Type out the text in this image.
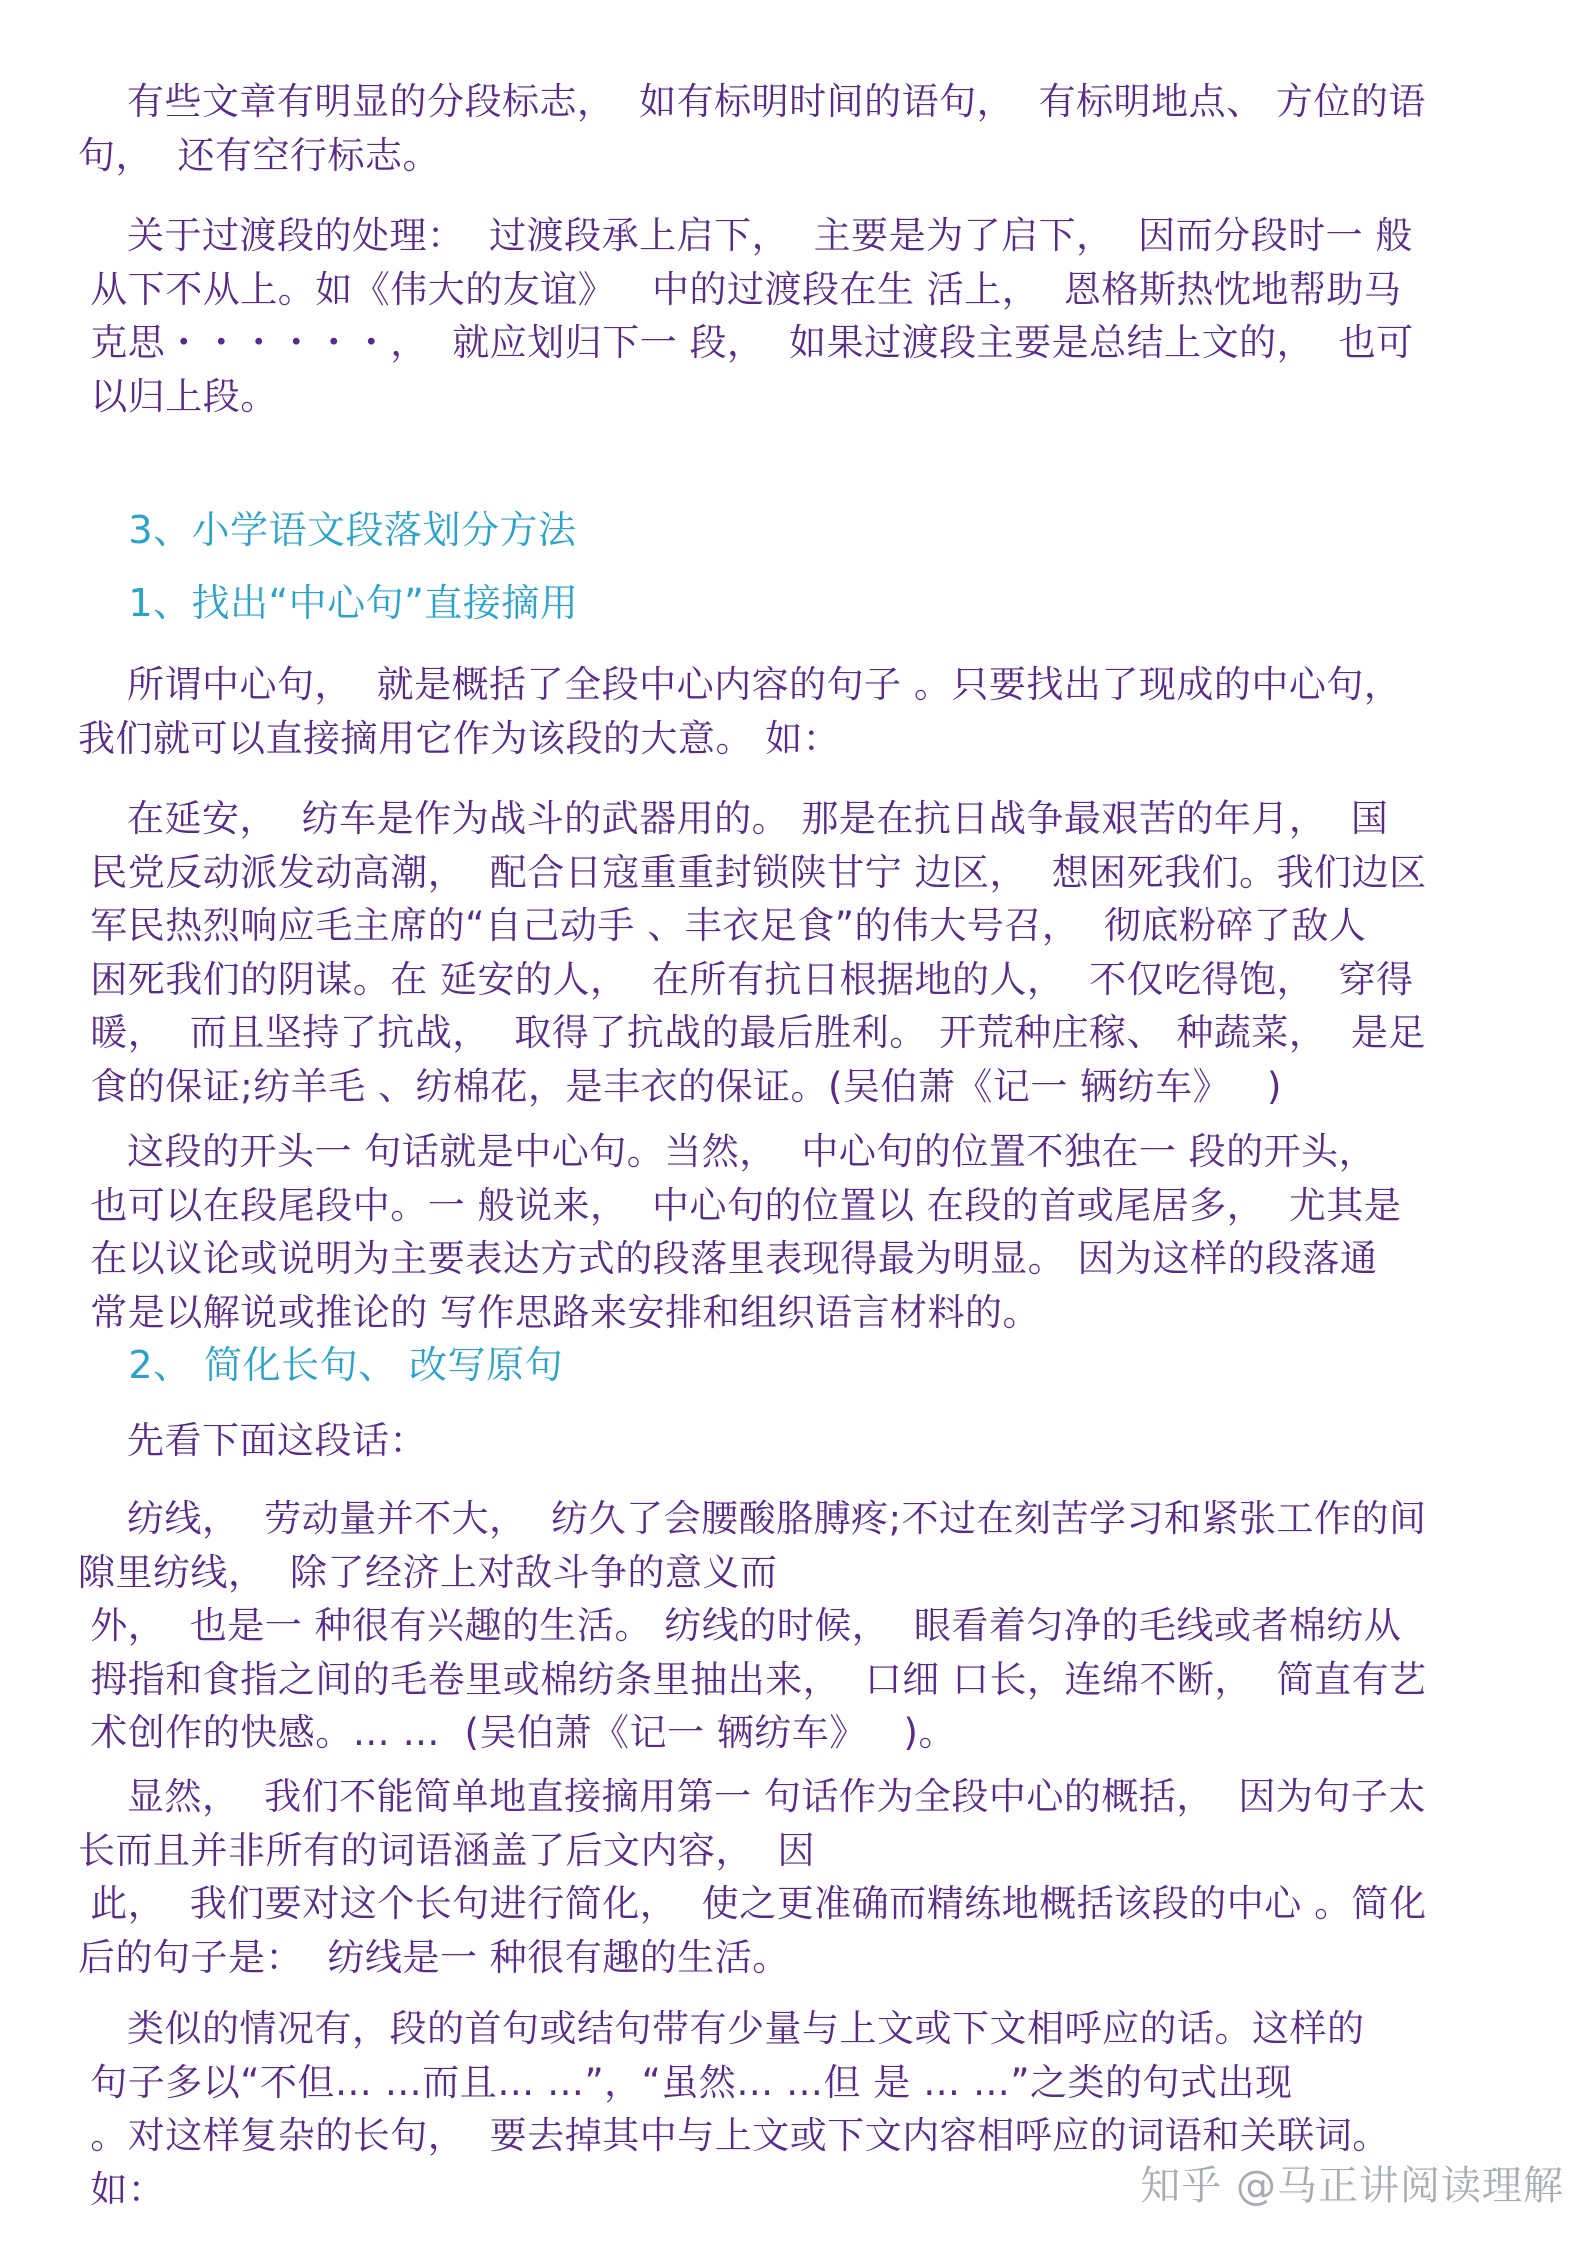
有些文章有明显的分段标志，  如有标明时间的语句，  有标明地点、 方位的语
句，  还有空行标志。

关于过渡段的处理：  过渡段承上启下，  主要是为了启下，  因而分段时一 般
从下不从上。如《伟大的友谊》   中的过渡段在生 活上，  恩格斯热忱地帮助马
克思・・・・・・，  就应划归下一 段，  如果过渡段主要是总结上文的，  也可
以归上段。

3、小学语文段落划分方法

1、找出“中心句”直接摘用

所谓中心句，  就是概括了全段中心内容的句子 。只要找出了现成的中心句，
我们就可以直接摘用它作为该段的大意。 如：

在延安，  纺车是作为战斗的武器用的。 那是在抗日战争最艰苦的年月，  国
民党反动派发动高潮，  配合日寇重重封锁陕甘宁 边区，  想困死我们。我们边区
军民热烈响应毛主席的“自己动手 、丰衣足食”的伟大号召，  彻底粉碎了敌人
困死我们的阴谋。在 延安的人，  在所有抗日根据地的人，  不仅吃得饱，  穿得
暖，  而且坚持了抗战，  取得了抗战的最后胜利。 开荒种庄稼、 种蔬菜，  是足
食的保证;纺羊毛 、纺棉花，是丰衣的保证。(吴伯萧《记一 辆纺车》   )

这段的开头一 句话就是中心句。当然，  中心句的位置不独在一 段的开头，
也可以在段尾段中。一 般说来，  中心句的位置以 在段的首或尾居多，  尤其是
在以议论或说明为主要表达方式的段落里表现得最为明显。 因为这样的段落通
常是以解说或推论的 写作思路来安排和组织语言材料的。

2、 简化长句、 改写原句

先看下面这段话：

纺线，  劳动量并不大，  纺久了会腰酸胳膊疼;不过在刻苦学习和紧张工作的间
隙里纺线，  除了经济上对敌斗争的意义而
外，  也是一 种很有兴趣的生活。 纺线的时候，  眼看着匀净的毛线或者棉纺从
拇指和食指之间的毛卷里或棉纺条里抽出来，  口细 口长，连绵不断，  简直有艺
术创作的快感。… …  (吴伯萧《记一 辆纺车》   )。

显然，  我们不能简单地直接摘用第一 句话作为全段中心的概括，  因为句子太
长而且并非所有的词语涵盖了后文内容，  因
此，  我们要对这个长句进行简化，  使之更准确而精练地概括该段的中心 。简化
后的句子是：  纺线是一 种很有趣的生活。

类似的情况有，段的首句或结句带有少量与上文或下文相呼应的话。这样的
句子多以“不但… …而且… …”，“虽然… …但 是 … …”之类的句式出现
。对这样复杂的长句，  要去掉其中与上文或下文内容相呼应的词语和关联词。
如：	知乎 @马正讲阅读理解
